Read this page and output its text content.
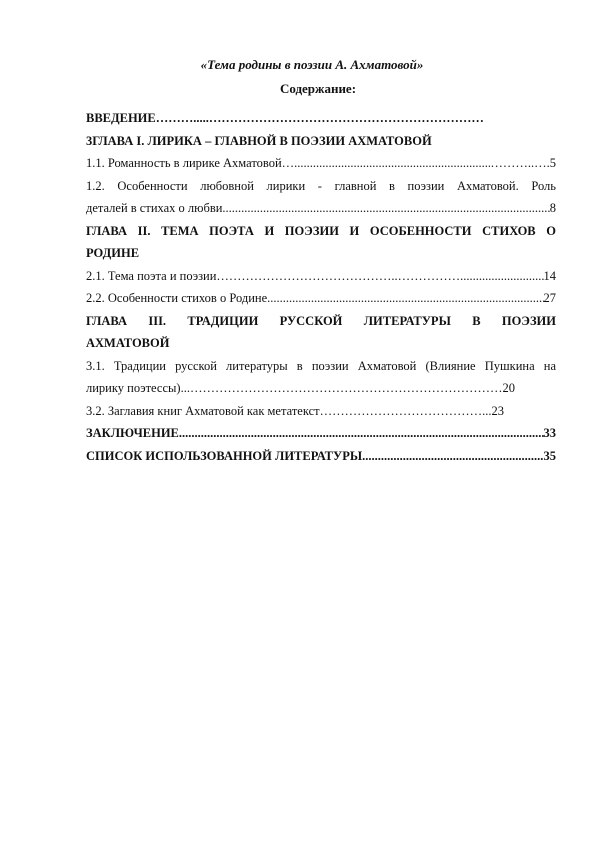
«Тема родины в поэзии А. Ахматовой»
Содержание:
ВВЕДЕНИЕ……….....…………………………………………………………
3ГЛАВА I. ЛИРИКА – ГЛАВНОЙ В ПОЭЗИИ АХМАТОВОЙ
1.1. Романность в лирике Ахматовой… .....	………..….5
1.2. Особенности любовной лирики - главной в поэзии Ахматовой. Роль
деталей в стихах о любви .....	8
ГЛАВА II. ТЕМА ПОЭТА И ПОЭЗИИ И ОСОБЕННОСТИ СТИХОВ О
РОДИНЕ
2.1. Тема поэта и поэзии……………………………………..…………… .....	14
2.2. Особенности стихов о Родине .....	27
ГЛАВА III. ТРАДИЦИИ РУССКОЙ ЛИТЕРАТУРЫ В ПОЭЗИИ
АХМАТОВОЙ
3.1. Традиции русской литературы в поэзии Ахматовой (Влияние Пушкина на
лирику поэтессы)...…………………………………………………………………20
3.2. Заглавия книг Ахматовой как метатекст…………………………………...23
ЗАКЛЮЧЕНИЕ .....	33
СПИСОК ИСПОЛЬЗОВАННОЙ ЛИТЕРАТУРЫ .....	35
